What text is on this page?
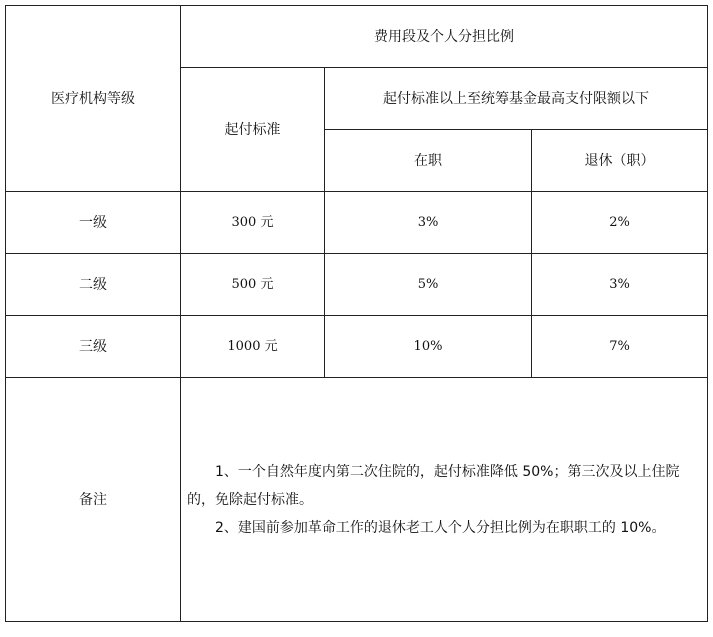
医疗机构等级	费用段及个人分担比例		
	起付标准	起付标准以上至统筹基金最高支付限额以下	
		在职	退休（职）
一级	300 元	3%	2%
二级	500 元	5%	3%
三级	1000 元	10%	7%
备注	1、一个自然年度内第二次住院的，起付标准降低 50%；第三次及以上住院的，免除起付标准。

2、建国前参加革命工作的退休老工人个人分担比例为在职职工的 10%。		
